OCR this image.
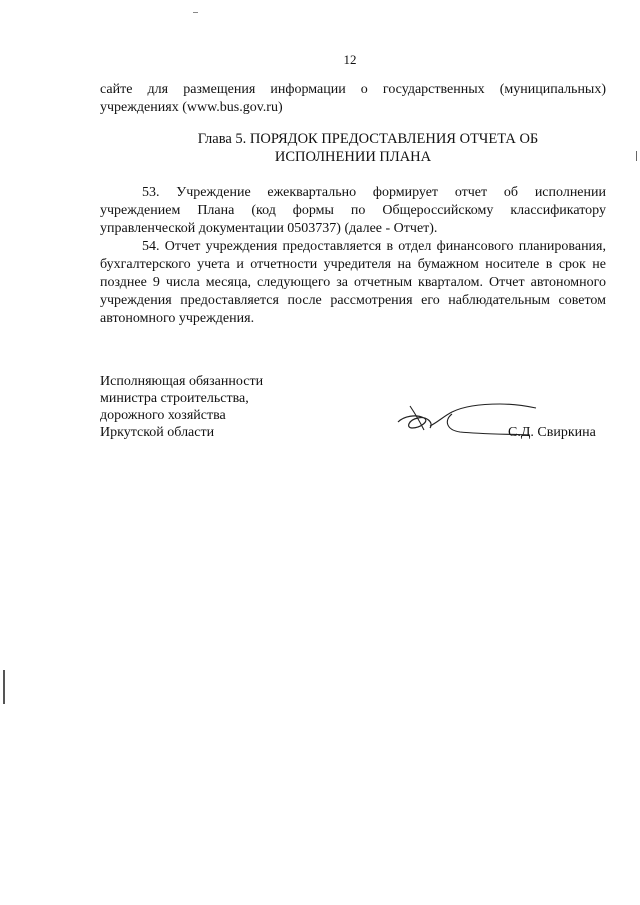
12
сайте для размещения информации о государственных (муниципальных) учреждениях (www.bus.gov.ru)
Глава 5. ПОРЯДОК ПРЕДОСТАВЛЕНИЯ ОТЧЕТА ОБ
ИСПОЛНЕНИИ ПЛАНА

53. Учреждение ежеквартально формирует отчет об исполнении учреждением Плана (код формы по Общероссийскому классификатору управленческой документации 0503737) (далее - Отчет).

54. Отчет учреждения предоставляется в отдел финансового планирования, бухгалтерского учета и отчетности учредителя на бумажном носителе в срок не позднее 9 числа месяца, следующего за отчетным кварталом. Отчет автономного учреждения предоставляется после рассмотрения его наблюдательным советом автономного учреждения.

Исполняющая обязанности
министра строительства,
дорожного хозяйства
Иркутской области	С.Д. Свиркина
